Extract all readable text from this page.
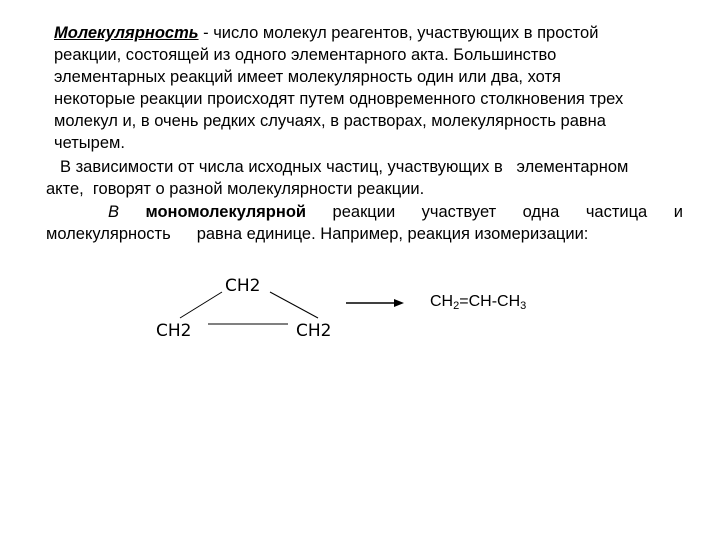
Молекулярность - число молекул реагентов, участвующих в простой
реакции, состоящей из одного элементарного акта. Большинство
элементарных реакций имеет молекулярность один или два, хотя
некоторые реакции происходят путем одновременного столкновения трех
молекул и, в очень редких случаях, в растворах, молекулярность равна
четырем.
В зависимости от числа исходных частиц, участвующих в   элементарном
акте,  говорят о разной молекулярности реакции.
В мономолекулярной реакции участвует одна частица и
молекулярность равна единице. Например, реакция изомеризации:
CH2
CH2	CH2
$CH_2=CH-CH_3$
